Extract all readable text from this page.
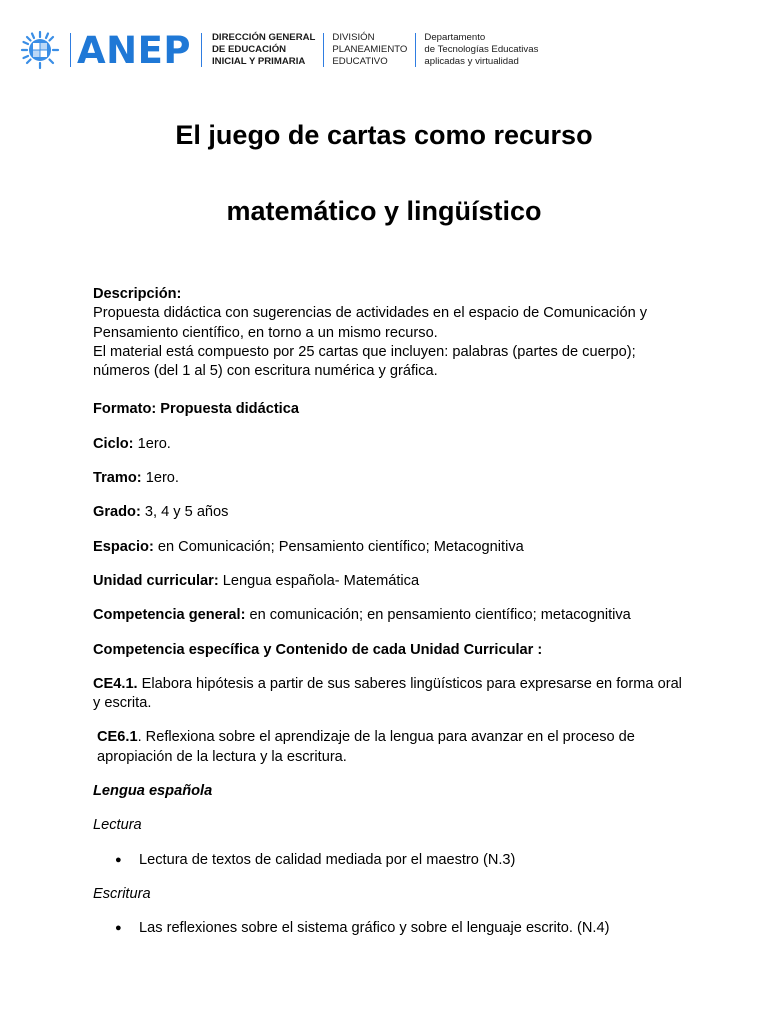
ANEP DIRECCIÓN GENERAL
DE EDUCACIÓN
INICIAL Y PRIMARIA
DIVISIÓN
PLANEAMIENTO
EDUCATIVO
Departamento
de Tecnologías Educativas
aplicadas y virtualidad
El juego de cartas como recurso
matemático y lingüístico

Descripción:

Propuesta didáctica con sugerencias de actividades en el espacio de Comunicación y Pensamiento científico, en torno a un mismo recurso.

El material está compuesto por 25 cartas que incluyen: palabras (partes de cuerpo); números (del 1 al 5) con escritura numérica y gráfica.

Formato: Propuesta didáctica

Ciclo: 1ero.

Tramo: 1ero.

Grado: 3, 4 y 5 años

Espacio: en Comunicación; Pensamiento científico; Metacognitiva

Unidad curricular: Lengua española- Matemática

Competencia general: en comunicación; en pensamiento científico; metacognitiva

Competencia específica y Contenido de cada Unidad Curricular :

CE4.1. Elabora hipótesis a partir de sus saberes lingüísticos para expresarse en forma oral y escrita.

CE6.1. Reflexiona sobre el aprendizaje de la lengua para avanzar en el proceso de apropiación de la lectura y la escritura.

Lengua española

Lectura

● Lectura de textos de calidad mediada por el maestro (N.3)

Escritura

● Las reflexiones sobre el sistema gráfico y sobre el lenguaje escrito. (N.4)
